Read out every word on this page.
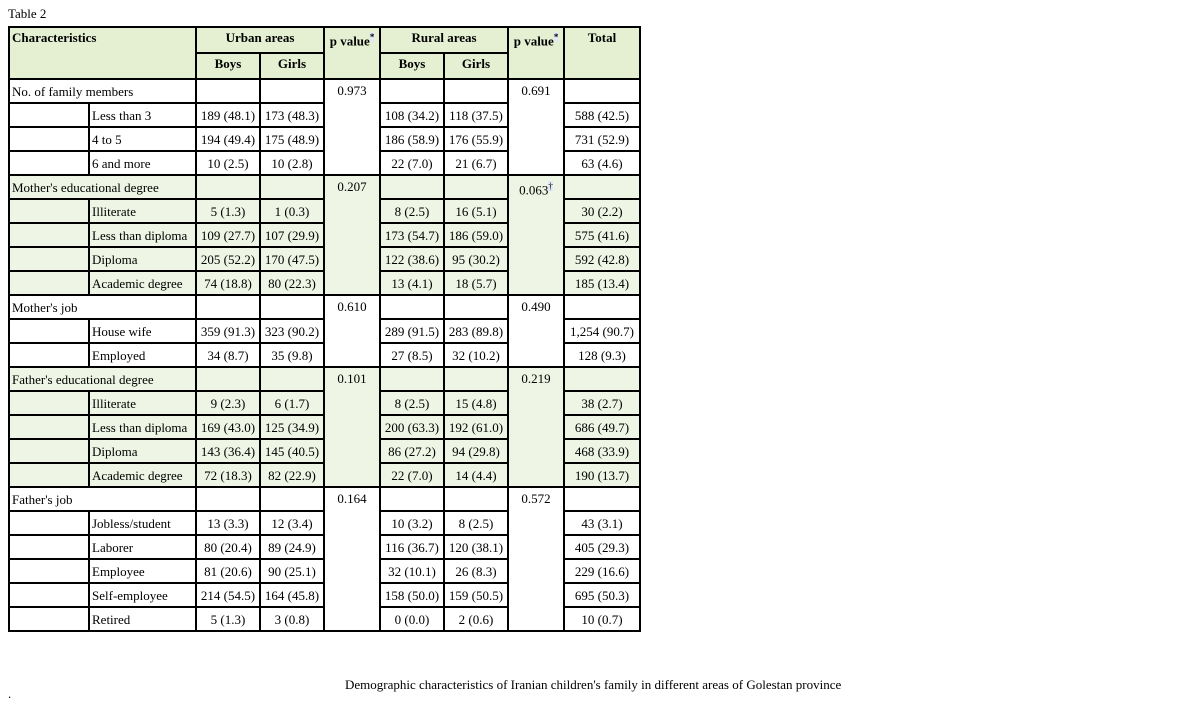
Table 2
Characteristics		Urban areas		p value*	Rural areas		p value*	Total
		Boys	Girls		Boys	Girls		
No. of family members				0.973			0.691	
	Less than 3	189 (48.1)	173 (48.3)		108 (34.2)	118 (37.5)		588 (42.5)
	4 to 5	194 (49.4)	175 (48.9)		186 (58.9)	176 (55.9)		731 (52.9)
	6 and more	10 (2.5)	10 (2.8)		22 (7.0)	21 (6.7)		63 (4.6)
Mother's educational degree				0.207			0.063†	
	Illiterate	5 (1.3)	1 (0.3)		8 (2.5)	16 (5.1)		30 (2.2)
	Less than diploma	109 (27.7)	107 (29.9)		173 (54.7)	186 (59.0)		575 (41.6)
	Diploma	205 (52.2)	170 (47.5)		122 (38.6)	95 (30.2)		592 (42.8)
	Academic degree	74 (18.8)	80 (22.3)		13 (4.1)	18 (5.7)		185 (13.4)
Mother's job				0.610			0.490	
	House wife	359 (91.3)	323 (90.2)		289 (91.5)	283 (89.8)		1,254 (90.7)
	Employed	34 (8.7)	35 (9.8)		27 (8.5)	32 (10.2)		128 (9.3)
Father's educational degree				0.101			0.219	
	Illiterate	9 (2.3)	6 (1.7)		8 (2.5)	15 (4.8)		38 (2.7)
	Less than diploma	169 (43.0)	125 (34.9)		200 (63.3)	192 (61.0)		686 (49.7)
	Diploma	143 (36.4)	145 (40.5)		86 (27.2)	94 (29.8)		468 (33.9)
	Academic degree	72 (18.3)	82 (22.9)		22 (7.0)	14 (4.4)		190 (13.7)
Father's job				0.164			0.572	
	Jobless/student	13 (3.3)	12 (3.4)		10 (3.2)	8 (2.5)		43 (3.1)
	Laborer	80 (20.4)	89 (24.9)		116 (36.7)	120 (38.1)		405 (29.3)
	Employee	81 (20.6)	90 (25.1)		32 (10.1)	26 (8.3)		229 (16.6)
	Self-employee	214 (54.5)	164 (45.8)		158 (50.0)	159 (50.5)		695 (50.3)
	Retired	5 (1.3)	3 (0.8)		0 (0.0)	2 (0.6)		10 (0.7)
Demographic characteristics of Iranian children's family in different areas of Golestan province
.
